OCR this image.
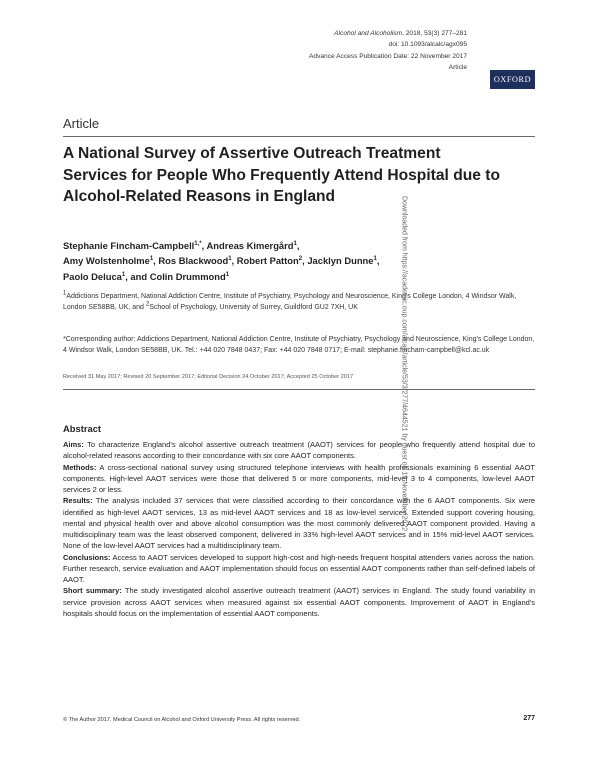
Alcohol and Alcoholism, 2018, 53(3) 277–281
doi: 10.1093/alcalc/agx095
Advance Access Publication Date: 22 November 2017
Article
OXFORD
Article
A National Survey of Assertive Outreach Treatment Services for People Who Frequently Attend Hospital due to Alcohol-Related Reasons in England
Stephanie Fincham-Campbell$^{1,*}$, Andreas Kimergård$^1$,
Amy Wolstenholme$^1$, Ros Blackwood$^1$, Robert Patton$^2$, Jacklyn Dunne$^1$,
Paolo Deluca$^1$, and Colin Drummond$^1$
$^1$Addictions Department, National Addiction Centre, Institute of Psychiatry, Psychology and Neuroscience, King's College London, 4 Windsor Walk, London SE58BB, UK, and $^2$School of Psychology, University of Surrey, Guildford GU2 7XH, UK
*Corresponding author: Addictions Department, National Addiction Centre, Institute of Psychiatry, Psychology and Neuroscience, King's College London, 4 Windsor Walk, London SE58BB, UK. Tel.: +44 020 7848 0437; Fax: +44 020 7848 0717; E-mail: stephanie.fincham-campbell@kcl.ac.uk
Received 31 May 2017; Revised 20 September 2017; Editorial Decision 24 October 2017; Accepted 25 October 2017
Abstract

Aims: To characterize England's alcohol assertive outreach treatment (AAOT) services for people who frequently attend hospital due to alcohol-related reasons according to their concordance with six core AAOT components.

Methods: A cross-sectional national survey using structured telephone interviews with health professionals examining 6 essential AAOT components. High-level AAOT services were those that delivered 5 or more components, mid-level 3 to 4 components, low-level AAOT services 2 or less.

Results: The analysis included 37 services that were classified according to their concordance with the 6 AAOT components. Six were identified as high-level AAOT services, 13 as mid-level AAOT services and 18 as low-level services. Extended support covering housing, mental and physical health over and above alcohol consumption was the most commonly delivered AAOT component provided. Having a multidisciplinary team was the least observed component, delivered in 33% high-level AAOT services and in 15% mid-level AAOT services. None of the low-level AAOT services had a multidisciplinary team.

Conclusions: Access to AAOT services developed to support high-cost and high-needs frequent hospital attenders varies across the nation. Further research, service evaluation and AAOT implementation should focus on essential AAOT components rather than self-defined labels of AAOT.

Short summary: The study investigated alcohol assertive outreach treatment (AAOT) services in England. The study found variability in service provision across AAOT services when measured against six essential AAOT components. Improvement of AAOT in England's hospitals should focus on the implementation of essential AAOT components.

Downloaded from https://academic.oup.com/alcalc/article/53/3/277/4644521 by guest on 16 November 2022
© The Author 2017. Medical Council on Alcohol and Oxford University Press. All rights reserved.	277
